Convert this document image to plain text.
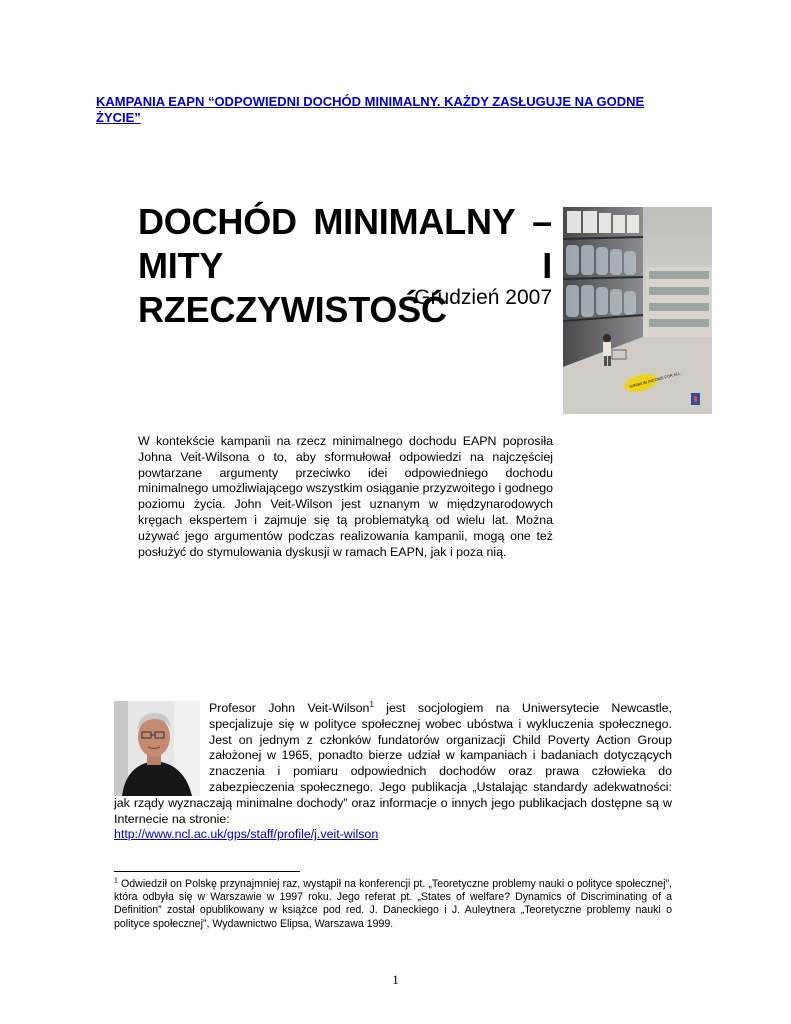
KAMPANIA EAPN “ODPOWIEDNI DOCHÓD MINIMALNY. KAŻDY ZASŁUGUJE NA GODNE ŻYCIE”
DOCHÓD MINIMALNY –
MITY I RZECZYWISTOŚĆ
Grudzień 2007
MINIMUM INCOME FOR ALL
W kontekście kampanii na rzecz minimalnego dochodu EAPN poprosiła Johna Veit-Wilsona o to, aby sformułował odpowiedzi na najczęściej powtarzane argumenty przeciwko idei odpowiedniego dochodu minimalnego umożliwiającego wszystkim osiąganie przyzwoitego i godnego poziomu życia. John Veit-Wilson jest uznanym w międzynarodowych kręgach ekspertem i zajmuje się tą problematyką od wielu lat. Można używać jego argumentów podczas realizowania kampanii, mogą one też posłużyć do stymulowania dyskusji w ramach EAPN, jak i poza nią.
Profesor John Veit-Wilson$^1$ jest socjologiem na Uniwersytecie Newcastle, specjalizuje się w polityce społecznej wobec ubóstwa i wykluczenia społecznego. Jest on jednym z członków fundatorów organizacji Child Poverty Action Group założonej w 1965, ponadto bierze udział w kampaniach i badaniach dotyczących znaczenia i pomiaru odpowiednich dochodów oraz prawa człowieka do zabezpieczenia społecznego. Jego publikacja „Ustalając standardy adekwatności: jak rządy wyznaczają minimalne dochody” oraz informacje o innych jego publikacjach dostępne są w Internecie na stronie:
http://www.ncl.ac.uk/gps/staff/profile/j.veit-wilson
$^1$ Odwiedził on Polskę przynajmniej raz, wystąpił na konferencji pt. „Teoretyczne problemy nauki o polityce społecznej”, która odbyła się w Warszawie w 1997 roku. Jego referat pt. „States of welfare? Dynamics of Discriminating of a Definition” został opublikowany w książce pod red. J. Daneckiego i J. Auleytnera „Teoretyczne problemy nauki o polityce społecznej”, Wydawnictwo Elipsa, Warszawa 1999.
1
